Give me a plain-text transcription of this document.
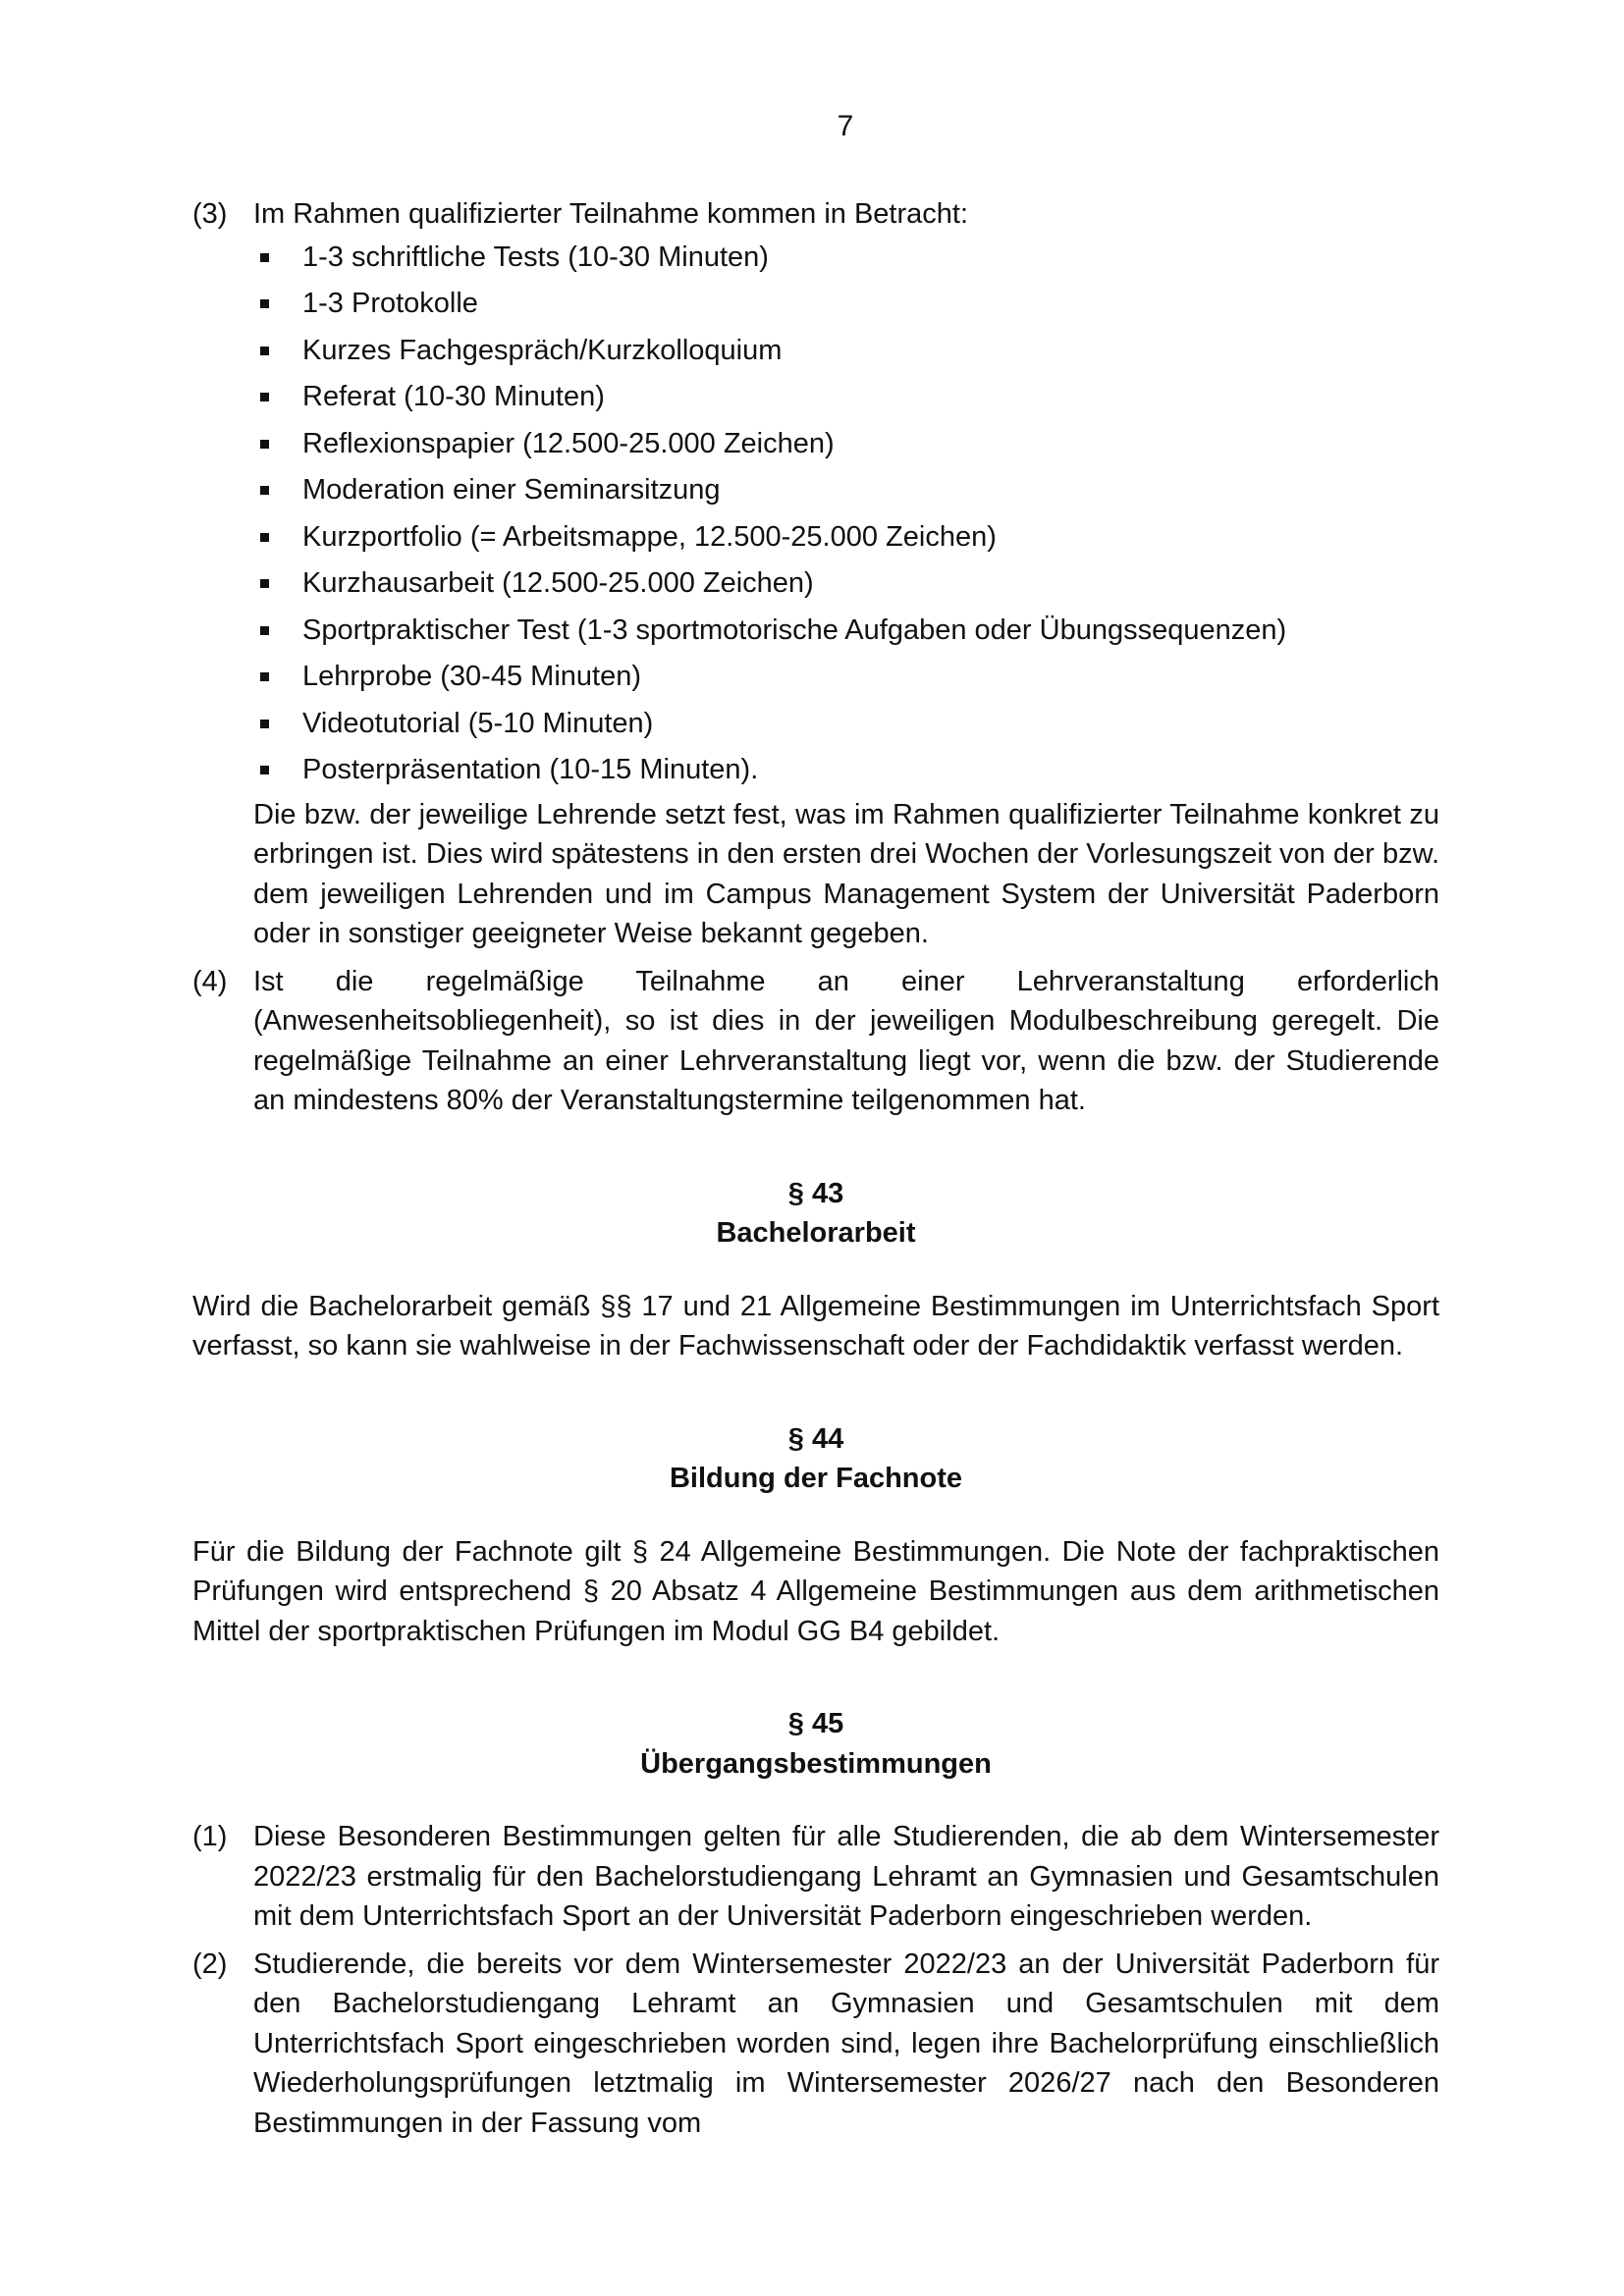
7
(3) Im Rahmen qualifizierter Teilnahme kommen in Betracht:
1-3 schriftliche Tests (10-30 Minuten)
1-3 Protokolle
Kurzes Fachgespräch/Kurzkolloquium
Referat (10-30 Minuten)
Reflexionspapier (12.500-25.000 Zeichen)
Moderation einer Seminarsitzung
Kurzportfolio (= Arbeitsmappe, 12.500-25.000 Zeichen)
Kurzhausarbeit (12.500-25.000 Zeichen)
Sportpraktischer Test (1-3 sportmotorische Aufgaben oder Übungssequenzen)
Lehrprobe (30-45 Minuten)
Videotutorial (5-10 Minuten)
Posterpräsentation (10-15 Minuten).
Die bzw. der jeweilige Lehrende setzt fest, was im Rahmen qualifizierter Teilnahme konkret zu erbringen ist. Dies wird spätestens in den ersten drei Wochen der Vorlesungszeit von der bzw. dem jeweiligen Lehrenden und im Campus Management System der Universität Paderborn oder in sonstiger geeigneter Weise bekannt gegeben.
(4) Ist die regelmäßige Teilnahme an einer Lehrveranstaltung erforderlich (Anwesenheitsobliegenheit), so ist dies in der jeweiligen Modulbeschreibung geregelt. Die regelmäßige Teilnahme an einer Lehrveranstaltung liegt vor, wenn die bzw. der Studierende an mindestens 80% der Veranstaltungstermine teilgenommen hat.
§ 43
Bachelorarbeit
Wird die Bachelorarbeit gemäß §§ 17 und 21 Allgemeine Bestimmungen im Unterrichtsfach Sport verfasst, so kann sie wahlweise in der Fachwissenschaft oder der Fachdidaktik verfasst werden.
§ 44
Bildung der Fachnote
Für die Bildung der Fachnote gilt § 24 Allgemeine Bestimmungen. Die Note der fachpraktischen Prüfungen wird entsprechend § 20 Absatz 4 Allgemeine Bestimmungen aus dem arithmetischen Mittel der sportpraktischen Prüfungen im Modul GG B4 gebildet.
§ 45
Übergangsbestimmungen
(1) Diese Besonderen Bestimmungen gelten für alle Studierenden, die ab dem Wintersemester 2022/23 erstmalig für den Bachelorstudiengang Lehramt an Gymnasien und Gesamtschulen mit dem Unterrichtsfach Sport an der Universität Paderborn eingeschrieben werden.
(2) Studierende, die bereits vor dem Wintersemester 2022/23 an der Universität Paderborn für den Bachelorstudiengang Lehramt an Gymnasien und Gesamtschulen mit dem Unterrichtsfach Sport eingeschrieben worden sind, legen ihre Bachelorprüfung einschließlich Wiederholungsprüfungen letztmalig im Wintersemester 2026/27 nach den Besonderen Bestimmungen in der Fassung vom
